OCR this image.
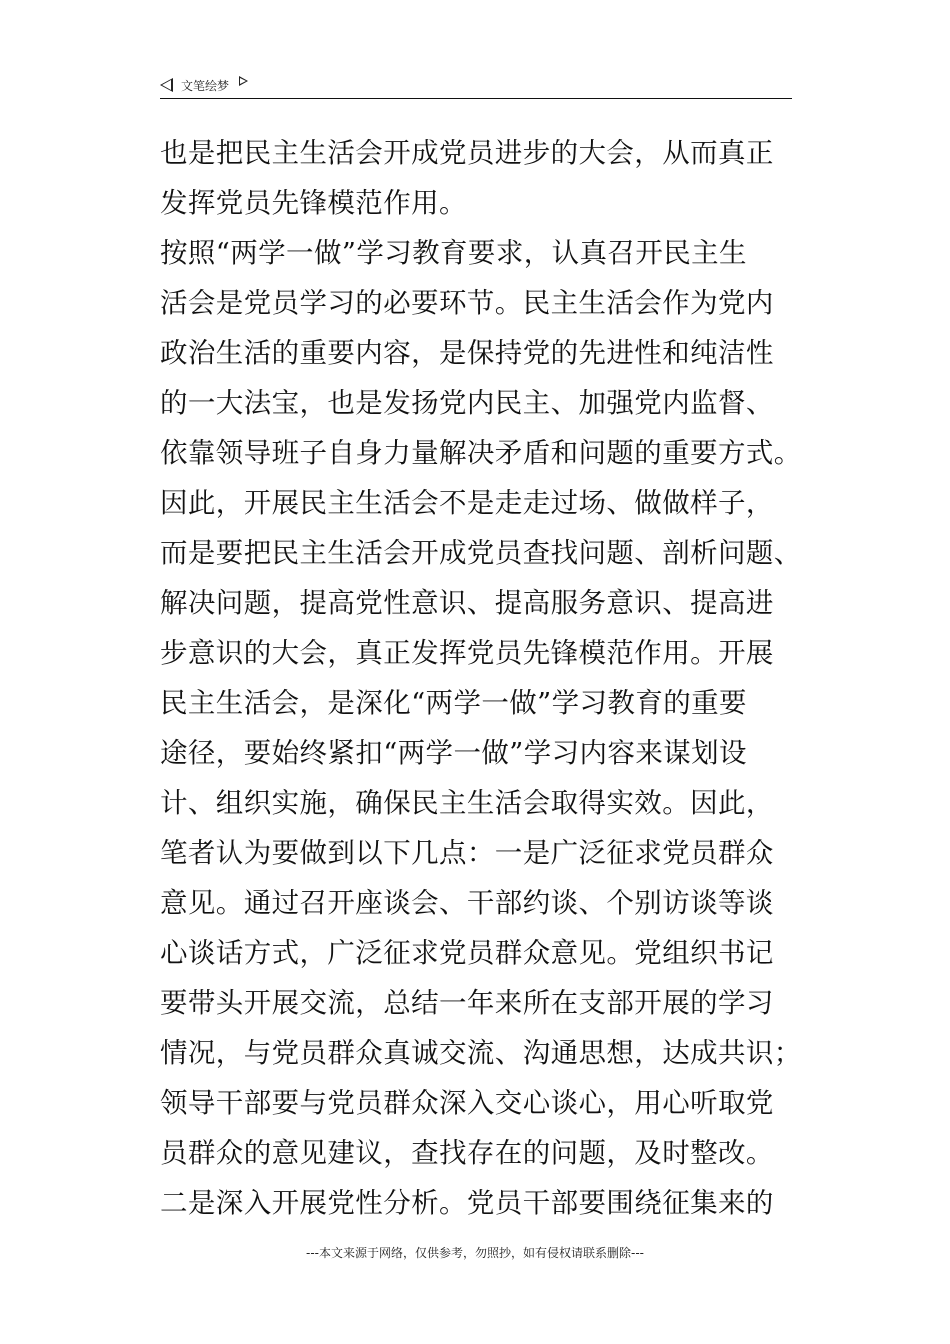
文笔绘梦
也是把民主生活会开成党员进步的大会，从而真正
发挥党员先锋模范作用。
按照“两学一做”学习教育要求，认真召开民主生
活会是党员学习的必要环节。民主生活会作为党内
政治生活的重要内容，是保持党的先进性和纯洁性
的一大法宝，也是发扬党内民主、加强党内监督、
依靠领导班子自身力量解决矛盾和问题的重要方式。
因此，开展民主生活会不是走走过场、做做样子，
而是要把民主生活会开成党员查找问题、剖析问题、
解决问题，提高党性意识、提高服务意识、提高进
步意识的大会，真正发挥党员先锋模范作用。开展
民主生活会，是深化“两学一做”学习教育的重要
途径，要始终紧扣“两学一做”学习内容来谋划设
计、组织实施，确保民主生活会取得实效。因此，
笔者认为要做到以下几点：一是广泛征求党员群众
意见。通过召开座谈会、干部约谈、个别访谈等谈
心谈话方式，广泛征求党员群众意见。党组织书记
要带头开展交流，总结一年来所在支部开展的学习
情况，与党员群众真诚交流、沟通思想，达成共识；
领导干部要与党员群众深入交心谈心，用心听取党
员群众的意见建议，查找存在的问题，及时整改。
二是深入开展党性分析。党员干部要围绕征集来的
---本文来源于网络，仅供参考，勿照抄，如有侵权请联系删除---
